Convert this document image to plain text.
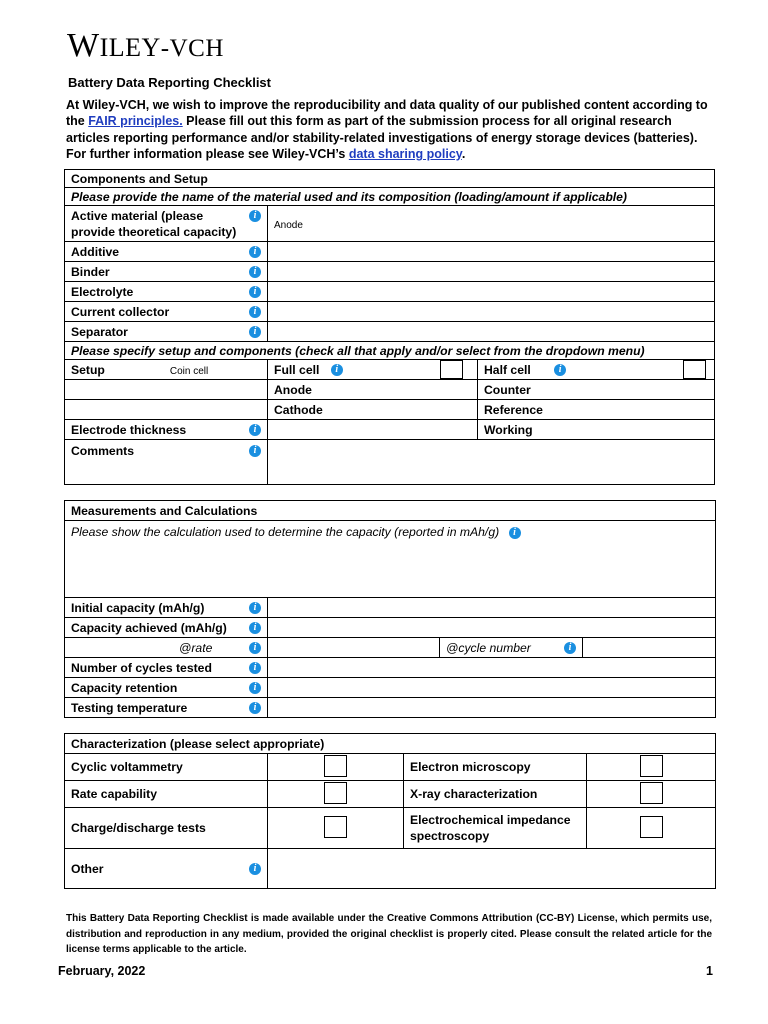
WILEY-VCH
Battery Data Reporting Checklist
At Wiley-VCH, we wish to improve the reproducibility and data quality of our published content according to the FAIR principles. Please fill out this form as part of the submission process for all original research articles reporting performance and/or stability-related investigations of energy storage devices (batteries). For further information please see Wiley-VCH’s data sharing policy.
Components and Setup		
Please provide the name of the material used and its composition (loading/amount if applicable)		

i
Active material (please provide theoretical capacity)	Anode	

Additive i		

Binder i		

Electrolyte i		

Current collector i		

Separator i		

Please specify setup and components (check all that apply and/or select from the dropdown menu)		
Setup Coin cell	Full cell i	Half cell i

	Anode	Counter
	Cathode	Reference

Electrode thickness i		Working

Comments i		

Measurements and Calculations			
Please show the calculation used to determine the capacity (reported in mAh/g) i			

Initial capacity (mAh/g) i			

Capacity achieved (mAh/g) i			

@rate i		@cycle number i	

Number of cycles tested i			

Capacity retention i			

Testing temperature i			

Characterization (please select appropriate)			
Cyclic voltammetry		Electron microscopy	
Rate capability		X-ray characterization	
Charge/discharge tests		Electrochemical impedance spectroscopy	

Other i			

This Battery Data Reporting Checklist is made available under the Creative Commons Attribution (CC-BY) License, which permits use, distribution and reproduction in any medium, provided the original checklist is properly cited. Please consult the related article for the license terms applicable to the article.
February, 2022	1
